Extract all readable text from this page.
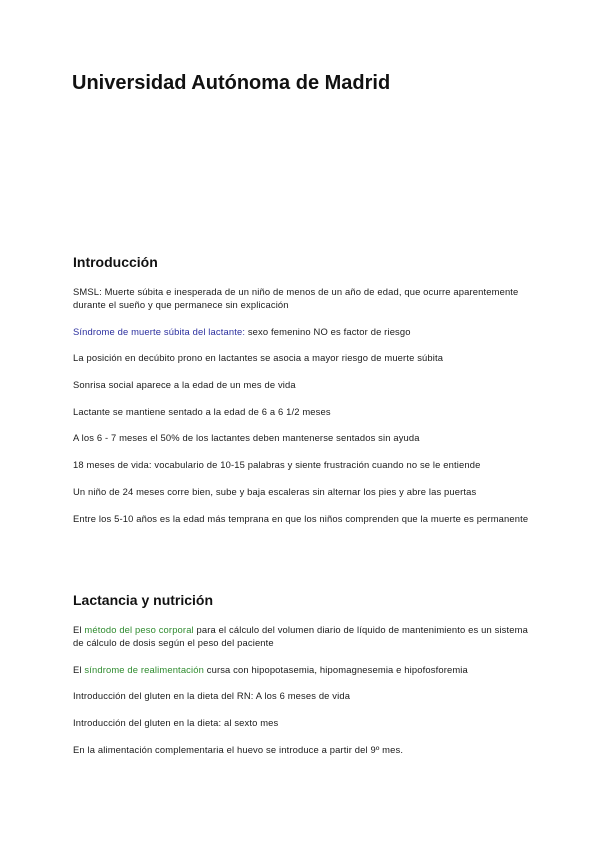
Universidad Autónoma de Madrid
Introducción

SMSL: Muerte súbita e inesperada de un niño de menos de un año de edad, que ocurre aparentemente durante el sueño y que permanece sin explicación

Síndrome de muerte súbita del lactante: sexo femenino NO es factor de riesgo

La posición en decúbito prono en lactantes se asocia a mayor riesgo de muerte súbita

Sonrisa social aparece a la edad de un mes de vida

Lactante se mantiene sentado a la edad de 6 a 6 1/2 meses

A los 6 - 7 meses el 50% de los lactantes deben mantenerse sentados sin ayuda

18 meses de vida: vocabulario de 10-15 palabras y siente frustración cuando no se le entiende

Un niño de 24 meses corre bien, sube y baja escaleras sin alternar los pies y abre las puertas

Entre los 5-10 años es la edad más temprana en que los niños comprenden que la muerte es permanente

Lactancia y nutrición

El método del peso corporal para el cálculo del volumen diario de líquido de mantenimiento es un sistema de cálculo de dosis según el peso del paciente

El síndrome de realimentación cursa con hipopotasemia, hipomagnesemia e hipofosforemia

Introducción del gluten en la dieta del RN: A los 6 meses de vida

Introducción del gluten en la dieta: al sexto mes

En la alimentación complementaria el huevo se introduce a partir del 9º mes.
